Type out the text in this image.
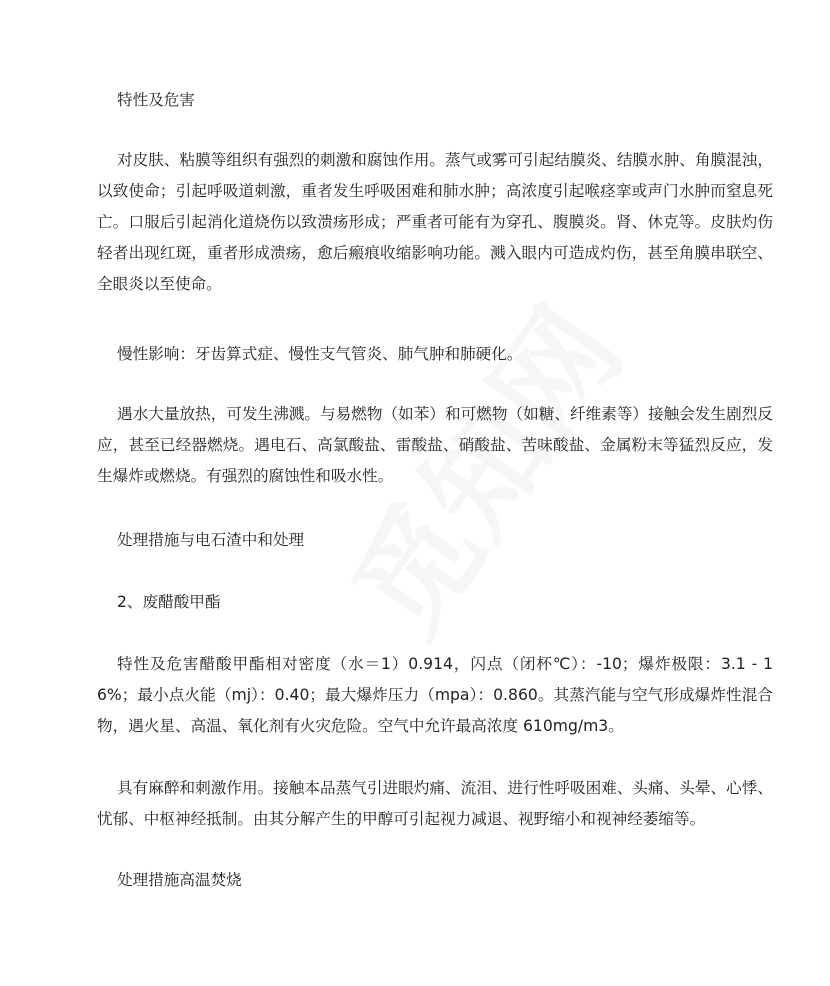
特性及危害
对皮肤、粘膜等组织有强烈的刺激和腐蚀作用。蒸气或雾可引起结膜炎、结膜水肿、角膜混浊，以致使命；引起呼吸道刺激，重者发生呼吸困难和肺水肿；高浓度引起喉痉挛或声门水肿而窒息死亡。口服后引起消化道烧伤以致溃疡形成；严重者可能有为穿孔、腹膜炎。肾、休克等。皮肤灼伤轻者出现红斑，重者形成溃疡，愈后瘢痕收缩影响功能。溅入眼内可造成灼伤，甚至角膜串联空、全眼炎以至使命。
慢性影响：牙齿算式症、慢性支气管炎、肺气肿和肺硬化。
遇水大量放热，可发生沸溅。与易燃物（如苯）和可燃物（如糖、纤维素等）接触会发生剧烈反应，甚至已经器燃烧。遇电石、高氯酸盐、雷酸盐、硝酸盐、苦味酸盐、金属粉末等猛烈反应，发生爆炸或燃烧。有强烈的腐蚀性和吸水性。
处理措施与电石渣中和处理
2、废醋酸甲酯
特性及危害醋酸甲酯相对密度（水＝1）0.914，闪点（闭杯℃）：-10；爆炸极限：3.1 - 16%；最小点火能（mj）：0.40；最大爆炸压力（mpa）：0.860。其蒸汽能与空气形成爆炸性混合物，遇火星、高温、氧化剂有火灾危险。空气中允许最高浓度 610mg/m3。
具有麻醉和刺激作用。接触本品蒸气引进眼灼痛、流泪、进行性呼吸困难、头痛、头晕、心悸、忧郁、中枢神经抵制。由其分解产生的甲醇可引起视力减退、视野缩小和视神经萎缩等。
处理措施高温焚烧
